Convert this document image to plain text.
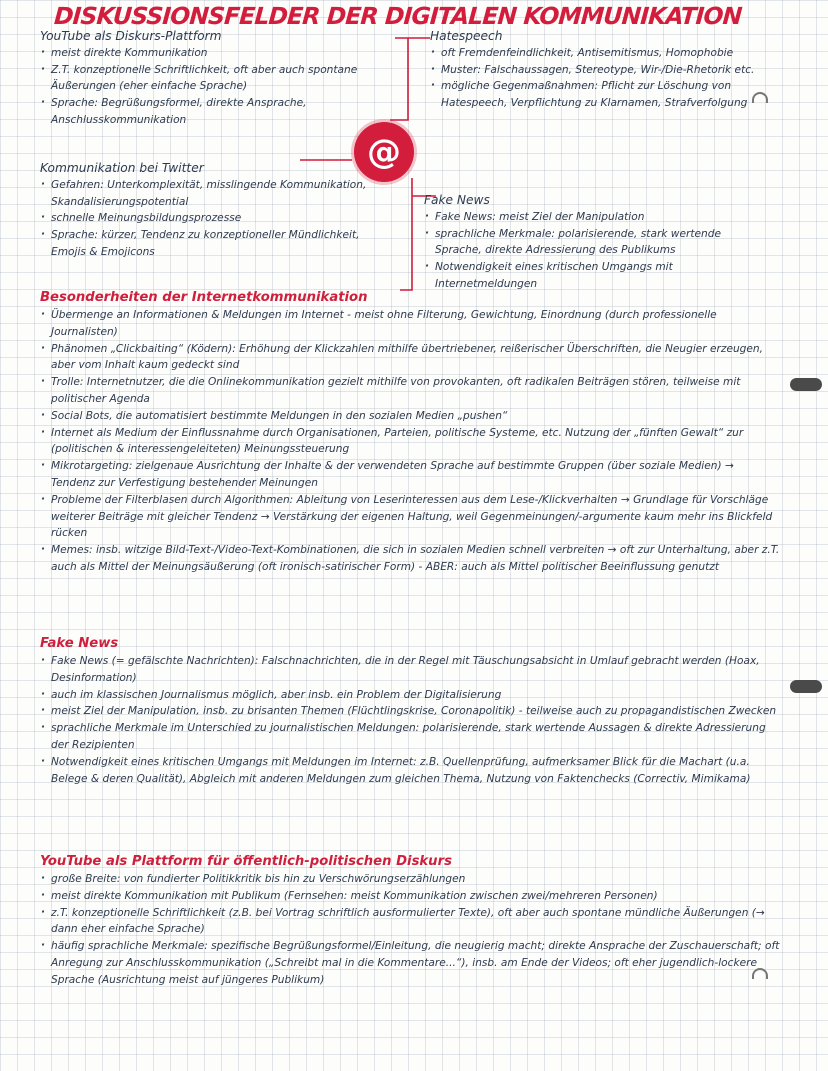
DISKUSSIONSFELDER DER DIGITALEN KOMMUNIKATION
@
YouTube als Diskurs-Plattform
· meist direkte Kommunikation
· Z.T. konzeptionelle Schriftlichkeit, oft aber auch spontane Äußerungen (eher einfache Sprache)
· Sprache: Begrüßungsformel, direkte Ansprache, Anschlusskommunikation
Kommunikation bei Twitter
· Gefahren: Unterkomplexität, misslingende Kommunikation, Skandalisierungspotential
· schnelle Meinungsbildungsprozesse
· Sprache: kürzer, Tendenz zu konzeptioneller Mündlichkeit, Emojis & Emojicons
Hatespeech
· oft Fremdenfeindlichkeit, Antisemitismus, Homophobie
· Muster: Falschaussagen, Stereotype, Wir-/Die-Rhetorik etc.
· mögliche Gegenmaßnahmen: Pflicht zur Löschung von Hatespeech, Verpflichtung zu Klarnamen, Strafverfolgung
Fake News
· Fake News: meist Ziel der Manipulation
· sprachliche Merkmale: polarisierende, stark wertende Sprache, direkte Adressierung des Publikums
· Notwendigkeit eines kritischen Umgangs mit Internetmeldungen
Besonderheiten der Internetkommunikation
· Übermenge an Informationen & Meldungen im Internet - meist ohne Filterung, Gewichtung, Einordnung (durch professionelle Journalisten)
· Phänomen „Clickbaiting“ (Ködern): Erhöhung der Klickzahlen mithilfe übertriebener, reißerischer Überschriften, die Neugier erzeugen, aber vom Inhalt kaum gedeckt sind
· Trolle: Internetnutzer, die die Onlinekommunikation gezielt mithilfe von provokanten, oft radikalen Beiträgen stören, teilweise mit politischer Agenda
· Social Bots, die automatisiert bestimmte Meldungen in den sozialen Medien „pushen“
· Internet als Medium der Einflussnahme durch Organisationen, Parteien, politische Systeme, etc. Nutzung der „fünften Gewalt“ zur (politischen & interessengeleiteten) Meinungssteuerung
· Mikrotargeting: zielgenaue Ausrichtung der Inhalte & der verwendeten Sprache auf bestimmte Gruppen (über soziale Medien) → Tendenz zur Verfestigung bestehender Meinungen
· Probleme der Filterblasen durch Algorithmen: Ableitung von Leserinteressen aus dem Lese-/Klickverhalten → Grundlage für Vorschläge weiterer Beiträge mit gleicher Tendenz → Verstärkung der eigenen Haltung, weil Gegenmeinungen/-argumente kaum mehr ins Blickfeld rücken
· Memes: insb. witzige Bild-Text-/Video-Text-Kombinationen, die sich in sozialen Medien schnell verbreiten → oft zur Unterhaltung, aber z.T. auch als Mittel der Meinungsäußerung (oft ironisch-satirischer Form) - ABER: auch als Mittel politischer Beeinflussung genutzt
Fake News
· Fake News (= gefälschte Nachrichten): Falschnachrichten, die in der Regel mit Täuschungsabsicht in Umlauf gebracht werden (Hoax, Desinformation)
· auch im klassischen Journalismus möglich, aber insb. ein Problem der Digitalisierung
· meist Ziel der Manipulation, insb. zu brisanten Themen (Flüchtlingskrise, Coronapolitik) - teilweise auch zu propagandistischen Zwecken
· sprachliche Merkmale im Unterschied zu journalistischen Meldungen: polarisierende, stark wertende Aussagen & direkte Adressierung der Rezipienten
· Notwendigkeit eines kritischen Umgangs mit Meldungen im Internet: z.B. Quellenprüfung, aufmerksamer Blick für die Machart (u.a. Belege & deren Qualität), Abgleich mit anderen Meldungen zum gleichen Thema, Nutzung von Faktenchecks (Correctiv, Mimikama)
YouTube als Plattform für öffentlich-politischen Diskurs
· große Breite: von fundierter Politikkritik bis hin zu Verschwörungserzählungen
· meist direkte Kommunikation mit Publikum (Fernsehen: meist Kommunikation zwischen zwei/mehreren Personen)
· z.T. konzeptionelle Schriftlichkeit (z.B. bei Vortrag schriftlich ausformulierter Texte), oft aber auch spontane mündliche Äußerungen (→ dann eher einfache Sprache)
· häufig sprachliche Merkmale: spezifische Begrüßungsformel/Einleitung, die neugierig macht; direkte Ansprache der Zuschauerschaft; oft Anregung zur Anschlusskommunikation („Schreibt mal in die Kommentare...“), insb. am Ende der Videos; oft eher jugendlich-lockere Sprache (Ausrichtung meist auf jüngeres Publikum)
